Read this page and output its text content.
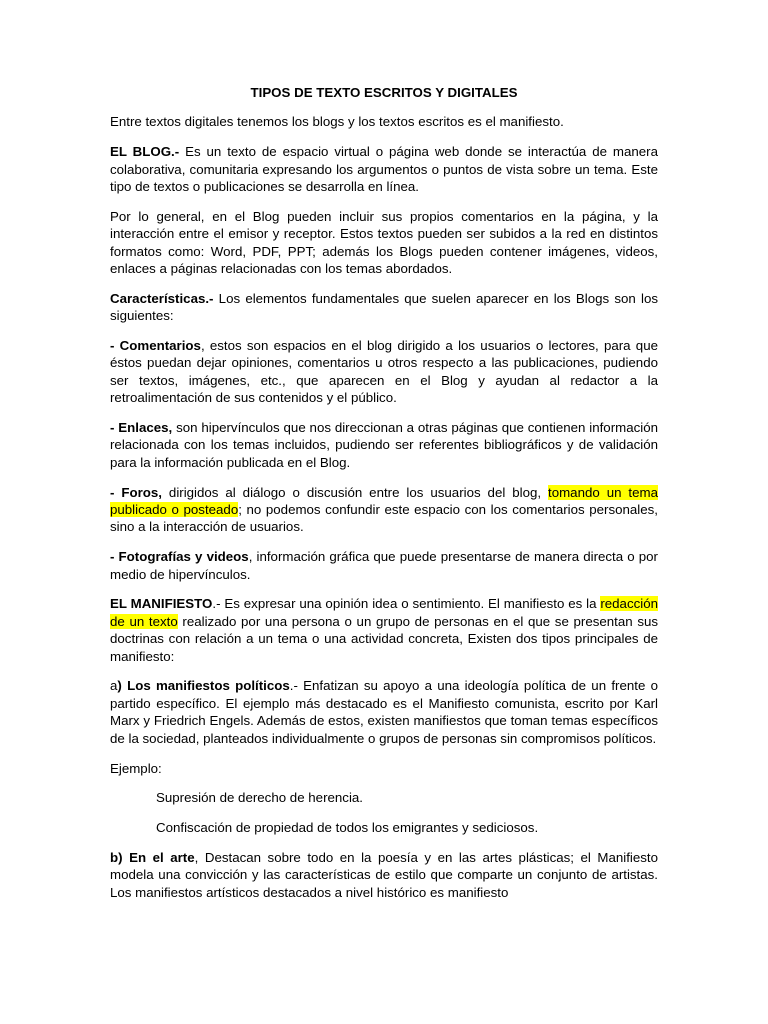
TIPOS DE TEXTO ESCRITOS Y DIGITALES

Entre textos digitales tenemos los blogs y los textos escritos es el manifiesto.

EL BLOG.- Es un texto de espacio virtual o página web donde se interactúa de manera colaborativa, comunitaria expresando los argumentos o puntos de vista sobre un tema. Este tipo de textos o publicaciones se desarrolla en línea.

Por lo general, en el Blog pueden incluir sus propios comentarios en la página, y la interacción entre el emisor y receptor. Estos textos pueden ser subidos a la red en distintos formatos como: Word, PDF, PPT; además los Blogs pueden contener imágenes, videos, enlaces a páginas relacionadas con los temas abordados.

Características.- Los elementos fundamentales que suelen aparecer en los Blogs son los siguientes:

- Comentarios, estos son espacios en el blog dirigido a los usuarios o lectores, para que éstos puedan dejar opiniones, comentarios u otros respecto a las publicaciones, pudiendo ser textos, imágenes, etc., que aparecen en el Blog y ayudan al redactor a la retroalimentación de sus contenidos y el público.

- Enlaces, son hipervínculos que nos direccionan a otras páginas que contienen información relacionada con los temas incluidos, pudiendo ser referentes bibliográficos y de validación para la información publicada en el Blog.

- Foros, dirigidos al diálogo o discusión entre los usuarios del blog, tomando un tema publicado o posteado; no podemos confundir este espacio con los comentarios personales, sino a la interacción de usuarios.

- Fotografías y videos, información gráfica que puede presentarse de manera directa o por medio de hipervínculos.

EL MANIFIESTO.- Es expresar una opinión idea o sentimiento. El manifiesto es la redacción de un texto realizado por una persona o un grupo de personas en el que se presentan sus doctrinas con relación a un tema o una actividad concreta, Existen dos tipos principales de manifiesto:

a) Los manifiestos políticos.- Enfatizan su apoyo a una ideología política de un frente o partido específico. El ejemplo más destacado es el Manifiesto comunista, escrito por Karl Marx y Friedrich Engels. Además de estos, existen manifiestos que toman temas específicos de la sociedad, planteados individualmente o grupos de personas sin compromisos políticos.

Ejemplo:

Supresión de derecho de herencia.

Confiscación de propiedad de todos los emigrantes y sediciosos.

b) En el arte, Destacan sobre todo en la poesía y en las artes plásticas; el Manifiesto modela una convicción y las características de estilo que comparte un conjunto de artistas. Los manifiestos artísticos destacados a nivel histórico es manifiesto
